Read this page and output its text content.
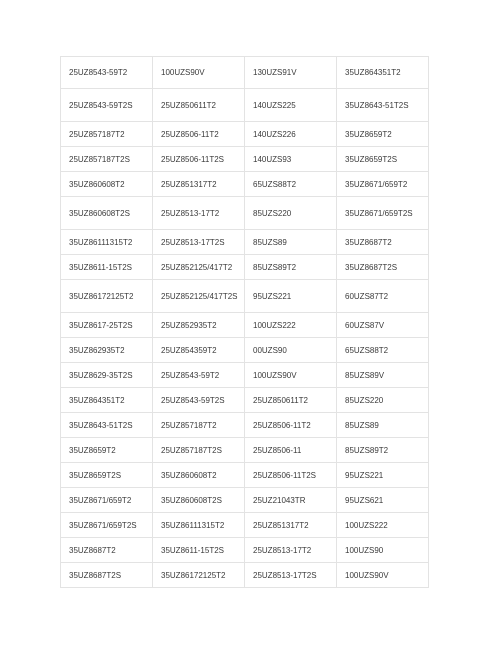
25UZ8543-59T2	100UZS90V	130UZS91V	35UZ864351T2
25UZ8543-59T2S	25UZ850611T2	140UZS225	35UZ8643-51T2S
25UZ857187T2	25UZ8506-11T2	140UZS226	35UZ8659T2
25UZ857187T2S	25UZ8506-11T2S	140UZS93	35UZ8659T2S
35UZ860608T2	25UZ851317T2	65UZS88T2	35UZ8671/659T2
35UZ860608T2S	25UZ8513-17T2	85UZS220	35UZ8671/659T2S
35UZ86111315T2	25UZ8513-17T2S	85UZS89	35UZ8687T2
35UZ8611-15T2S	25UZ852125/417T2	85UZS89T2	35UZ8687T2S
35UZ86172125T2	25UZ852125/417T2S	95UZS221	60UZS87T2
35UZ8617-25T2S	25UZ852935T2	100UZS222	60UZS87V
35UZ862935T2	25UZ854359T2	00UZS90	65UZS88T2
35UZ8629-35T2S	25UZ8543-59T2	100UZS90V	85UZS89V
35UZ864351T2	25UZ8543-59T2S	25UZ850611T2	85UZS220
35UZ8643-51T2S	25UZ857187T2	25UZ8506-11T2	85UZS89
35UZ8659T2	25UZ857187T2S	25UZ8506-11	85UZS89T2
35UZ8659T2S	35UZ860608T2	25UZ8506-11T2S	95UZS221
35UZ8671/659T2	35UZ860608T2S	25UZ21043TR	95UZS621
35UZ8671/659T2S	35UZ86111315T2	25UZ851317T2	100UZS222
35UZ8687T2	35UZ8611-15T2S	25UZ8513-17T2	100UZS90
35UZ8687T2S	35UZ86172125T2	25UZ8513-17T2S	100UZS90V
